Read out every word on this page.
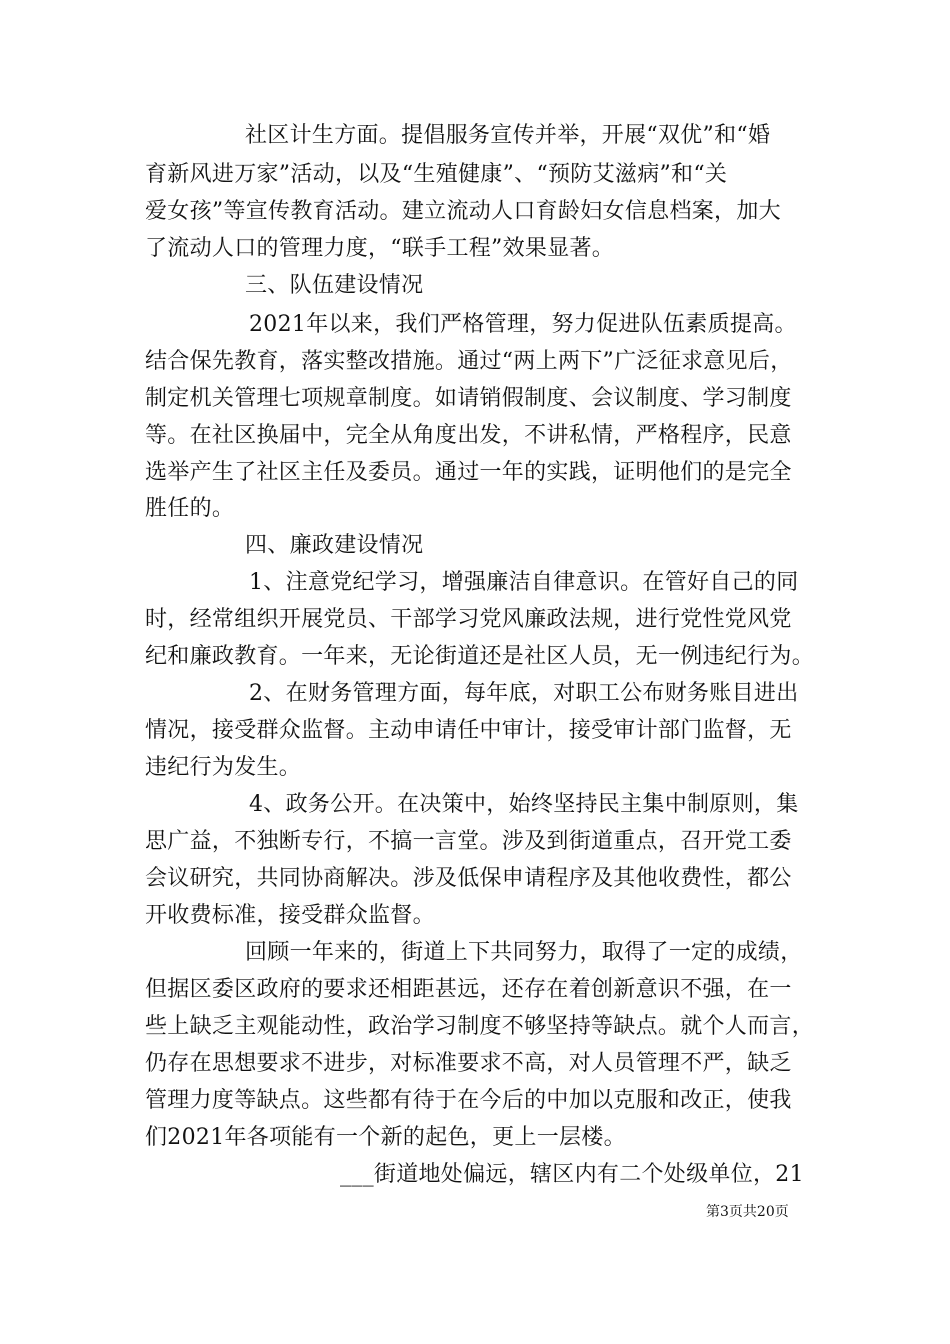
社区计生方面。提倡服务宣传并举，开展“双优”和“婚
育新风进万家”活动，以及“生殖健康”、“预防艾滋病”和“关
爱女孩”等宣传教育活动。建立流动人口育龄妇女信息档案，加大
了流动人口的管理力度，“联手工程”效果显著。
三、队伍建设情况
2021年以来，我们严格管理，努力促进队伍素质提高。
结合保先教育，落实整改措施。通过“两上两下”广泛征求意见后，
制定机关管理七项规章制度。如请销假制度、会议制度、学习制度
等。在社区换届中，完全从角度出发，不讲私情，严格程序，民意
选举产生了社区主任及委员。通过一年的实践，证明他们的是完全
胜任的。
四、廉政建设情况
1、注意党纪学习，增强廉洁自律意识。在管好自己的同
时，经常组织开展党员、干部学习党风廉政法规，进行党性党风党
纪和廉政教育。一年来，无论街道还是社区人员，无一例违纪行为。
2、在财务管理方面，每年底，对职工公布财务账目进出
情况，接受群众监督。主动申请任中审计，接受审计部门监督，无
违纪行为发生。
4、政务公开。在决策中，始终坚持民主集中制原则，集
思广益，不独断专行，不搞一言堂。涉及到街道重点，召开党工委
会议研究，共同协商解决。涉及低保申请程序及其他收费性，都公
开收费标准，接受群众监督。
回顾一年来的，街道上下共同努力，取得了一定的成绩，
但据区委区政府的要求还相距甚远，还存在着创新意识不强，在一
些上缺乏主观能动性，政治学习制度不够坚持等缺点。就个人而言，
仍存在思想要求不进步，对标准要求不高，对人员管理不严，缺乏
管理力度等缺点。这些都有待于在今后的中加以克服和改正，使我
们2021年各项能有一个新的起色，更上一层楼。
___街道地处偏远，辖区内有二个处级单位，21
第3页共20页
